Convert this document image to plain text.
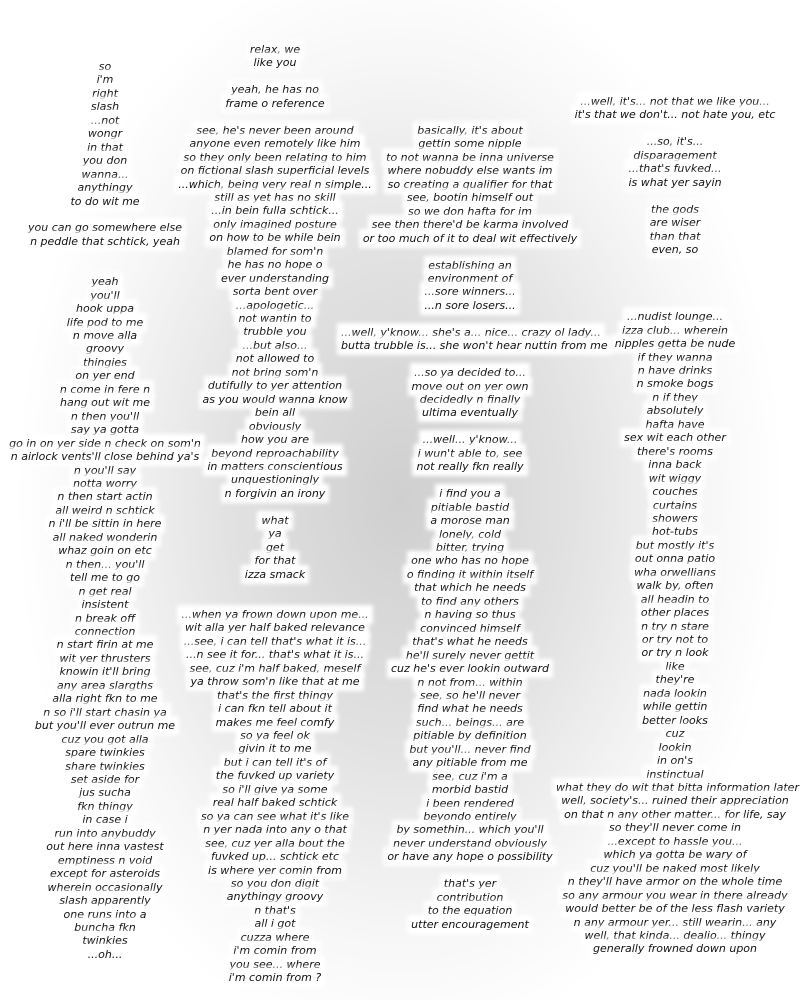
so
i'm
right
slash
...not
wongr
in that
you don
wanna...
anythingy
to do wit me
you can go somewhere else
n peddle that schtick, yeah
yeah
you'll
hook uppa
life pod to me
n move alla
groovy
thingies
on yer end
n come in fere n
hang out wit me
n then you'll
say ya gotta
go in on yer side n check on som'n
n airlock vents'll close behind ya's
n you'll say
notta worry
n then start actin
all weird n schtick
n i'll be sittin in here
all naked wonderin
whaz goin on etc
n then... you'll
tell me to go
n get real
insistent
n break off
connection
n start firin at me
wit yer thrusters
knowin it'll bring
any area slargths
alla right fkn to me
n so i'll start chasin ya
but you'll ever outrun me
cuz you got alla
spare twinkies
share twinkies
set aside for
jus sucha
fkn thingy
in case i
run into anybuddy
out here inna vastest
emptiness n void
except for asteroids
wherein occasionally
slash apparently
one runs into a
buncha fkn
twinkies
...oh...
relax, we
like you
yeah, he has no
frame o reference
see, he's never been around
anyone even remotely like him
so they only been relating to him
on fictional slash superficial levels
...which, being very real n simple...
still as yet has no skill
...in bein fulla schtick...
only imagined posture
on how to be while bein
blamed for som'n
he has no hope o
ever understanding
sorta bent over
...apologetic...
not wantin to
trubble you
...but also...
not allowed to
not bring som'n
dutifully to yer attention
as you would wanna know
bein all
obviously
how you are
beyond reproachability
in matters conscientious
unquestioningly
n forgivin an irony
what
ya
get
for that
izza smack
...when ya frown down upon me...
wit alla yer half baked relevance
...see, i can tell that's what it is...
...n see it for... that's what it is...
see, cuz i'm half baked, meself
ya throw som'n like that at me
that's the first thingy
i can fkn tell about it
makes me feel comfy
so ya feel ok
givin it to me
but i can tell it's of
the fuvked up variety
so i'll give ya some
real half baked schtick
so ya can see what it's like
n yer nada into any o that
see, cuz yer alla bout the
fuvked up... schtick etc
is where yer comin from
so you don digit
anythingy groovy
n that's
all i got
cuzza where
i'm comin from
you see... where
i'm comin from ?
basically, it's about
gettin some nipple
to not wanna be inna universe
where nobuddy else wants im
so creating a qualifier for that
see, bootin himself out
so we don hafta for im
see then there'd be karma involved
or too much of it to deal wit effectively
establishing an
environment of
...sore winners...
...n sore losers...
...well, y'know... she's a... nice... crazy ol lady...
butta trubble is... she won't hear nuttin from me
...so ya decided to...
move out on yer own
decidedly n finally
ultima eventually
...well... y'know...
i wun't able to, see
not really fkn really
i find you a
pitiable bastid
a morose man
lonely, cold
bitter, trying
one who has no hope
o finding it within itself
that which he needs
to find any others
n having so thus
convinced himself
that's what he needs
he'll surely never gettit
cuz he's ever lookin outward
n not from... within
see, so he'll never
find what he needs
such... beings... are
pitiable by definition
but you'll... never find
any pitiable from me
see, cuz i'm a
morbid bastid
i been rendered
beyondo entirely
by somethin... which you'll
never understand obviously
or have any hope o possibility
that's yer
contribution
to the equation
utter encouragement
...well, it's... not that we like you...
it's that we don't... not hate you, etc
...so, it's...
disparagement
...that's fuvked...
is what yer sayin
the gods
are wiser
than that
even, so
...nudist lounge...
izza club... wherein
nipples getta be nude
if they wanna
n have drinks
n smoke bogs
n if they
absolutely
hafta have
sex wit each other
there's rooms
inna back
wit wiggy
couches
curtains
showers
hot-tubs
but mostly it's
out onna patio
wha orwellians
walk by, often
all headin to
other places
n try n stare
or try not to
or try n look
like
they're
nada lookin
while gettin
better looks
cuz
lookin
in on's
instinctual
what they do wit that bitta information later
well, society's... ruined their appreciation
on that n any other matter... for life, say
so they'll never come in
...except to hassle you...
which ya gotta be wary of
cuz you'll be naked most likely
n they'll have armor on the whole time
so any armour you wear in there already
would better be of the less flash variety
n any armour yer... still wearin... any
well, that kinda... dealio... thingy
generally frowned down upon
